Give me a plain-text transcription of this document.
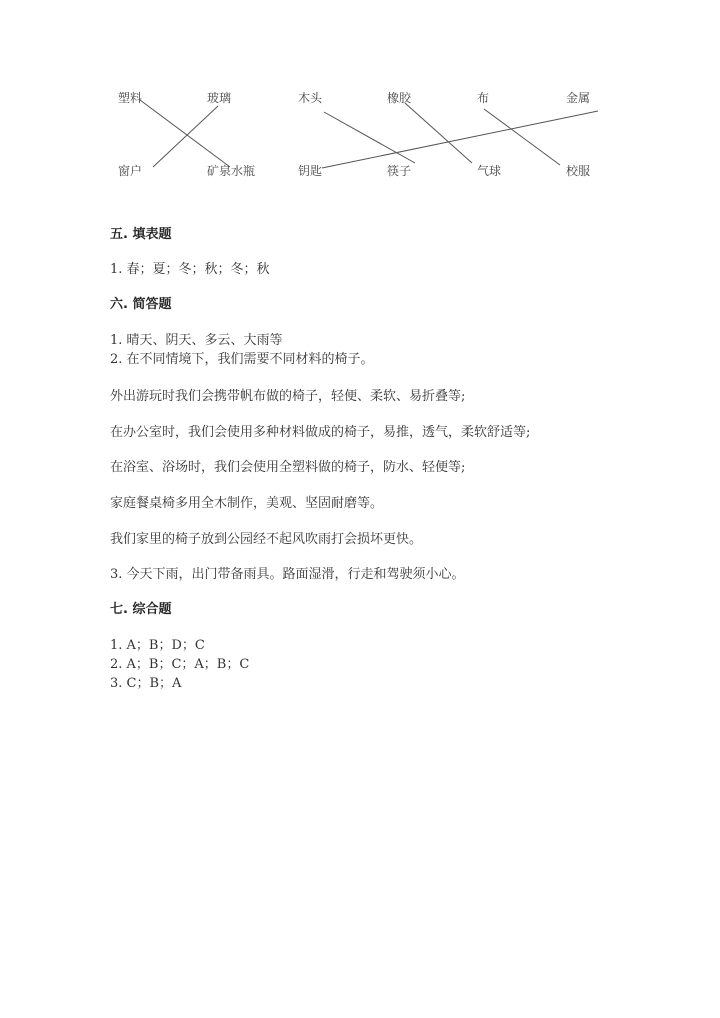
塑料	玻璃	木头	橡胶	布	金属
窗户	矿泉水瓶	钥匙	筷子	气球	校服
五. 填表题
1. 春；夏；冬；秋；冬；秋
六. 简答题
1. 晴天、阴天、多云、大雨等
2. 在不同情境下，我们需要不同材料的椅子。
外出游玩时我们会携带帆布做的椅子，轻便、柔软、易折叠等;
在办公室时，我们会使用多种材料做成的椅子，易推，透气，柔软舒适等;
在浴室、浴场时，我们会使用全塑料做的椅子，防水、轻便等;
家庭餐桌椅多用全木制作，美观、坚固耐磨等。
我们家里的椅子放到公园经不起风吹雨打会损坏更快。
3. 今天下雨，出门带备雨具。路面湿滑，行走和驾驶须小心。
七. 综合题
1. A；B；D；C
2. A；B；C；A；B；C
3. C；B；A
